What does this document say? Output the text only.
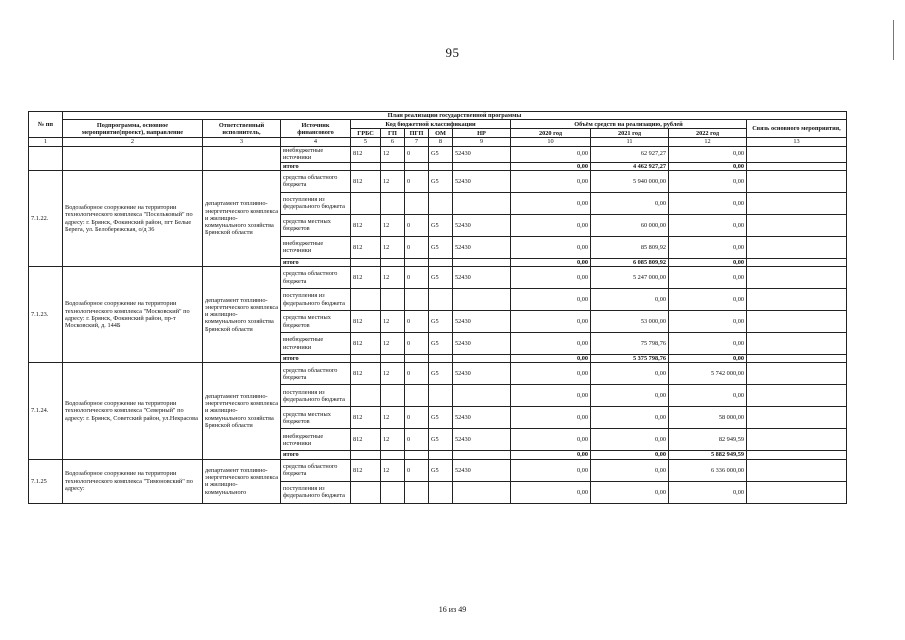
95
№ пп	План реализации государственной программы											
	Подпрограмма, основное мероприятие(проект), направление	Ответственный исполнитель,	Источник финансового	Код бюджетной классификации					Объём средств на реализацию, рублей			Связь основного мероприятия,
				ГРБС	ГП	ПГП	ОМ	НР	2020 год	2021 год	2022 год	
1	2	3	4	5	6	7	8	9	10	11	12	13
			внебюджетные источники	812	12	0	G5	52430	0,00	62 927,27	0,00	
			итого						0,00	4 462 927,27	0,00	
7.1.22.	Водозаборное сооружение на территории технологического комплекса "Посельковый" по адресу: г. Брянск, Фокинский район, пгт Белые Берега, ул. Белобережская, о/д 36	департамент топливно-энергетического комплекса и жилищно-коммунального хозяйства Брянской области	средства областного бюджета	812	12	0	G5	52430	0,00	5 940 000,00	0,00	
			поступления из федерального бюджета						0,00	0,00	0,00	
			средства местных бюджетов	812	12	0	G5	52430	0,00	60 000,00	0,00	
			внебюджетные источники	812	12	0	G5	52430	0,00	85 809,92	0,00	
			итого						0,00	6 085 809,92	0,00	
7.1.23.	Водозаборное сооружение на территории технологического комплекса "Московский" по адресу: г. Брянск, Фокинский район, пр-т Московский, д. 144Б	департамент топливно-энергетического комплекса и жилищно-коммунального хозяйства Брянской области	средства областного бюджета	812	12	0	G5	52430	0,00	5 247 000,00	0,00	
			поступления из федерального бюджета						0,00	0,00	0,00	
			средства местных бюджетов	812	12	0	G5	52430	0,00	53 000,00	0,00	
			внебюджетные источники	812	12	0	G5	52430	0,00	75 798,76	0,00	
			итого						0,00	5 375 798,76	0,00	
7.1.24.	Водозаборное сооружение на территории технологического комплекса "Северный" по адресу: г. Брянск, Советский район, ул.Некрасова	департамент топливно-энергетического комплекса и жилищно-коммунального хозяйства Брянской области	средства областного бюджета	812	12	0	G5	52430	0,00	0,00	5 742 000,00	
			поступления из федерального бюджета						0,00	0,00	0,00	
			средства местных бюджетов	812	12	0	G5	52430	0,00	0,00	58 000,00	
			внебюджетные источники	812	12	0	G5	52430	0,00	0,00	82 949,59	
			итого						0,00	0,00	5 882 949,59	
7.1.25	Водозаборное сооружение на территории технологического комплекса "Тимоновский" по адресу:	департамент топливно-энергетического комплекса и жилищно-коммунального	средства областного бюджета	812	12	0	G5	52430	0,00	0,00	6 336 000,00	
			поступления из федерального бюджета						0,00	0,00	0,00	
16 из 49
